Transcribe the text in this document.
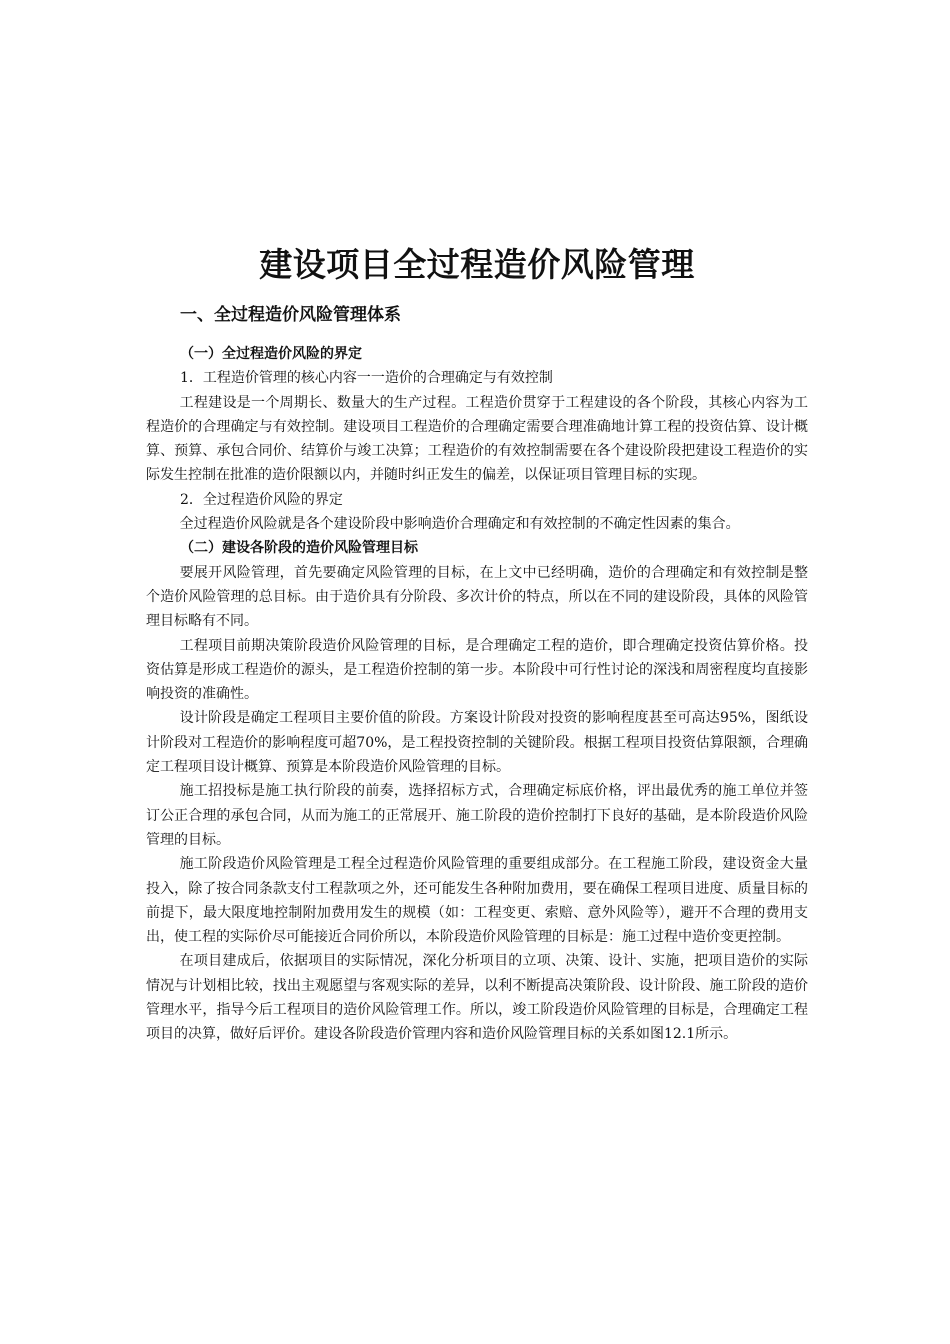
建设项目全过程造价风险管理
一、全过程造价风险管理体系
（一）全过程造价风险的界定

1．工程造价管理的核心内容一一造价的合理确定与有效控制

工程建设是一个周期长、数量大的生产过程。工程造价贯穿于工程建设的各个阶段，其核心内容为工程造价的合理确定与有效控制。建设项目工程造价的合理确定需要合理准确地计算工程的投资估算、设计概算、预算、承包合同价、结算价与竣工决算；工程造价的有效控制需要在各个建设阶段把建设工程造价的实际发生控制在批准的造价限额以内，并随时纠正发生的偏差，以保证项目管理目标的实现。

2．全过程造价风险的界定

全过程造价风险就是各个建设阶段中影响造价合理确定和有效控制的不确定性因素的集合。

（二）建设各阶段的造价风险管理目标

要展开风险管理，首先要确定风险管理的目标，在上文中已经明确，造价的合理确定和有效控制是整个造价风险管理的总目标。由于造价具有分阶段、多次计价的特点，所以在不同的建设阶段，具体的风险管理目标略有不同。

工程项目前期决策阶段造价风险管理的目标，是合理确定工程的造价，即合理确定投资估算价格。投资估算是形成工程造价的源头，是工程造价控制的第一步。本阶段中可行性讨论的深浅和周密程度均直接影响投资的准确性。

设计阶段是确定工程项目主要价值的阶段。方案设计阶段对投资的影响程度甚至可高达95%，图纸设计阶段对工程造价的影响程度可超70%，是工程投资控制的关键阶段。根据工程项目投资估算限额，合理确定工程项目设计概算、预算是本阶段造价风险管理的目标。

施工招投标是施工执行阶段的前奏，选择招标方式，合理确定标底价格，评出最优秀的施工单位并签订公正合理的承包合同，从而为施工的正常展开、施工阶段的造价控制打下良好的基础，是本阶段造价风险管理的目标。

施工阶段造价风险管理是工程全过程造价风险管理的重要组成部分。在工程施工阶段，建设资金大量投入，除了按合同条款支付工程款项之外，还可能发生各种附加费用，要在确保工程项目进度、质量目标的前提下，最大限度地控制附加费用发生的规模（如：工程变更、索赔、意外风险等），避开不合理的费用支出，使工程的实际价尽可能接近合同价所以，本阶段造价风险管理的目标是：施工过程中造价变更控制。

在项目建成后，依据项目的实际情况，深化分析项目的立项、决策、设计、实施，把项目造价的实际情况与计划相比较，找出主观愿望与客观实际的差异，以利不断提高决策阶段、设计阶段、施工阶段的造价管理水平，指导今后工程项目的造价风险管理工作。所以，竣工阶段造价风险管理的目标是，合理确定工程项目的决算，做好后评价。建设各阶段造价管理内容和造价风险管理目标的关系如图12.1所示。
